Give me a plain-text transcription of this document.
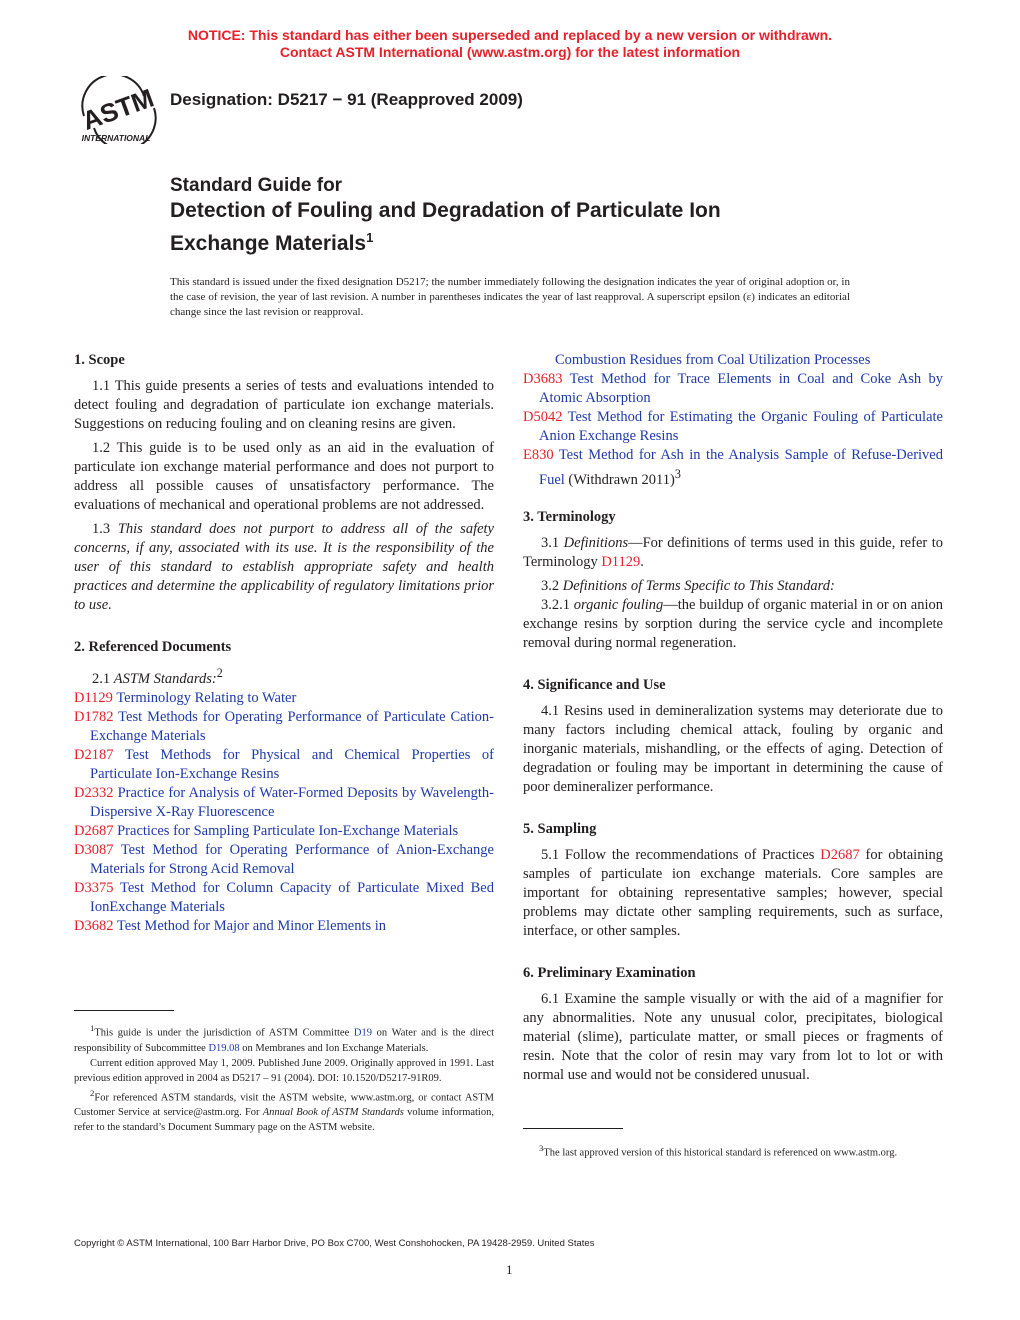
NOTICE: This standard has either been superseded and replaced by a new version or withdrawn.
Contact ASTM International (www.astm.org) for the latest information
ASTM
INTERNATIONAL
Designation: D5217 − 91 (Reapproved 2009)
Standard Guide for
Detection of Fouling and Degradation of Particulate Ion
Exchange Materials$^1$
This standard is issued under the fixed designation D5217; the number immediately following the designation indicates the year of original adoption or, in the case of revision, the year of last revision. A number in parentheses indicates the year of last reapproval. A superscript epsilon (ε) indicates an editorial change since the last revision or reapproval.
1. Scope

1.1 This guide presents a series of tests and evaluations intended to detect fouling and degradation of particulate ion exchange materials. Suggestions on reducing fouling and on cleaning resins are given.

1.2 This guide is to be used only as an aid in the evaluation of particulate ion exchange material performance and does not purport to address all possible causes of unsatisfactory performance. The evaluations of mechanical and operational problems are not addressed.

1.3 This standard does not purport to address all of the safety concerns, if any, associated with its use. It is the responsibility of the user of this standard to establish appropriate safety and health practices and determine the applicability of regulatory limitations prior to use.

2. Referenced Documents

2.1 ASTM Standards:$^2$

D1129 Terminology Relating to Water
D1782 Test Methods for Operating Performance of Particulate Cation-Exchange Materials
D2187 Test Methods for Physical and Chemical Properties of Particulate Ion-Exchange Resins
D2332 Practice for Analysis of Water-Formed Deposits by Wavelength-Dispersive X-Ray Fluorescence
D2687 Practices for Sampling Particulate Ion-Exchange Materials
D3087 Test Method for Operating Performance of Anion-Exchange Materials for Strong Acid Removal
D3375 Test Method for Column Capacity of Particulate Mixed Bed IonExchange Materials
D3682 Test Method for Major and Minor Elements in

$^1$This guide is under the jurisdiction of ASTM Committee D19 on Water and is the direct responsibility of Subcommittee D19.08 on Membranes and Ion Exchange Materials.

Current edition approved May 1, 2009. Published June 2009. Originally approved in 1991. Last previous edition approved in 2004 as D5217 – 91 (2004). DOI: 10.1520/D5217-91R09.

$^2$For referenced ASTM standards, visit the ASTM website, www.astm.org, or contact ASTM Customer Service at service@astm.org. For Annual Book of ASTM Standards volume information, refer to the standard’s Document Summary page on the ASTM website.

Combustion Residues from Coal Utilization Processes
D3683 Test Method for Trace Elements in Coal and Coke Ash by Atomic Absorption
D5042 Test Method for Estimating the Organic Fouling of Particulate Anion Exchange Resins
E830 Test Method for Ash in the Analysis Sample of Refuse-Derived Fuel (Withdrawn 2011)$^3$
3. Terminology

3.1 Definitions—For definitions of terms used in this guide, refer to Terminology D1129.

3.2 Definitions of Terms Specific to This Standard:

3.2.1 organic fouling—the buildup of organic material in or on anion exchange resins by sorption during the service cycle and incomplete removal during normal regeneration.

4. Significance and Use

4.1 Resins used in demineralization systems may deteriorate due to many factors including chemical attack, fouling by organic and inorganic materials, mishandling, or the effects of aging. Detection of degradation or fouling may be important in determining the cause of poor demineralizer performance.

5. Sampling

5.1 Follow the recommendations of Practices D2687 for obtaining samples of particulate ion exchange materials. Core samples are important for obtaining representative samples; however, special problems may dictate other sampling requirements, such as surface, interface, or other samples.

6. Preliminary Examination

6.1 Examine the sample visually or with the aid of a magnifier for any abnormalities. Note any unusual color, precipitates, biological material (slime), particulate matter, or small pieces or fragments of resin. Note that the color of resin may vary from lot to lot or with normal use and would not be considered unusual.

$^3$The last approved version of this historical standard is referenced on www.astm.org.

Copyright © ASTM International, 100 Barr Harbor Drive, PO Box C700, West Conshohocken, PA 19428-2959. United States
1
